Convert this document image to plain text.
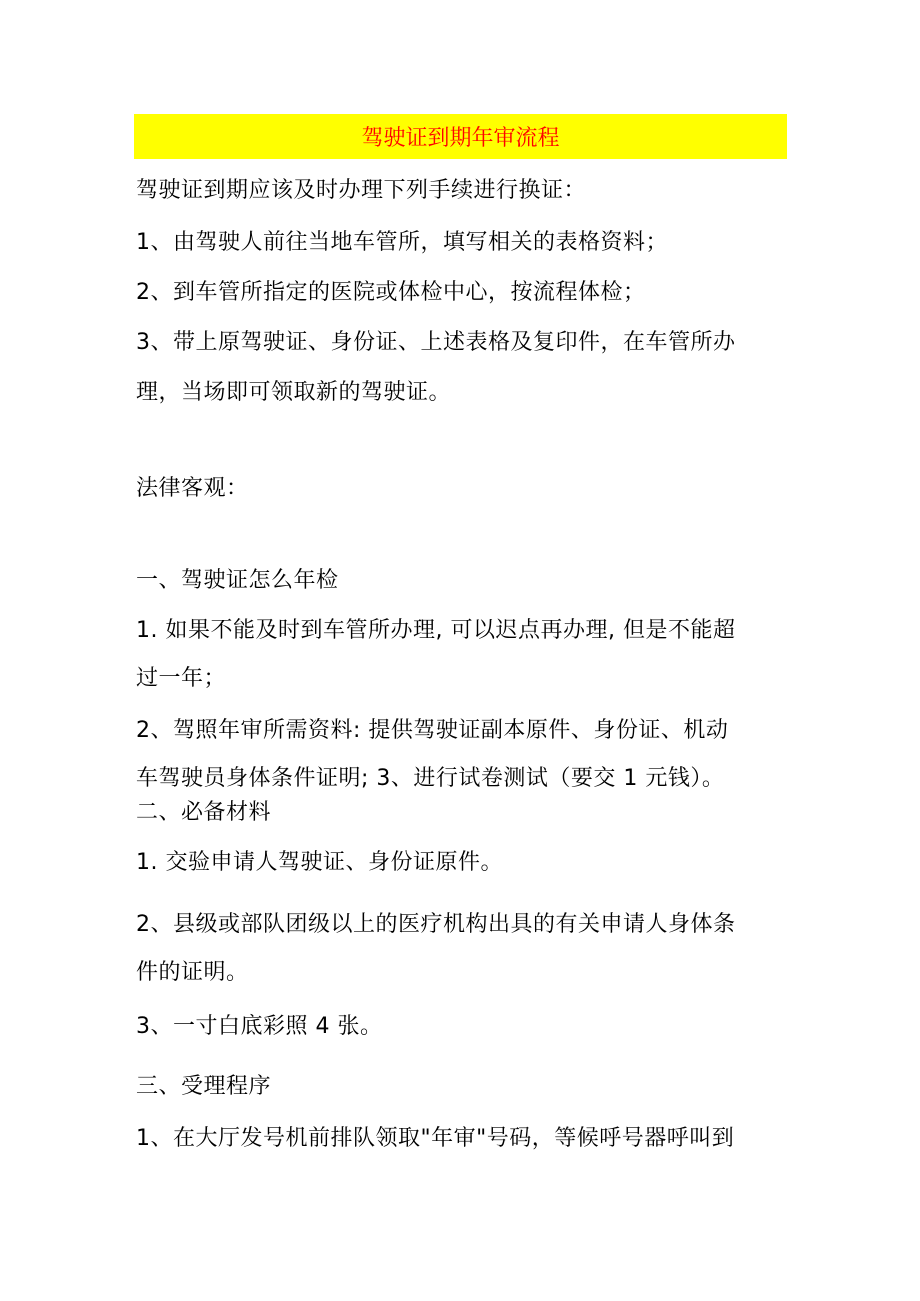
驾驶证到期年审流程
驾驶证到期应该及时办理下列手续进行换证：
1、由驾驶人前往当地车管所，填写相关的表格资料；
2、到车管所指定的医院或体检中心，按流程体检；
3、带上原驾驶证、身份证、上述表格及复印件，在车管所办
理，当场即可领取新的驾驶证。
法律客观：
一、驾驶证怎么年检
1. 如果不能及时到车管所办理, 可以迟点再办理, 但是不能超
过一年；
2、驾照年审所需资料: 提供驾驶证副本原件、身份证、机动
车驾驶员身体条件证明; 3、进行试卷测试（要交 1 元钱）。
二、必备材料
1. 交验申请人驾驶证、身份证原件。
2、县级或部队团级以上的医疗机构出具的有关申请人身体条
件的证明。
3、一寸白底彩照 4 张。
三、受理程序
1、在大厅发号机前排队领取"年审"号码，等候呼号器呼叫到
